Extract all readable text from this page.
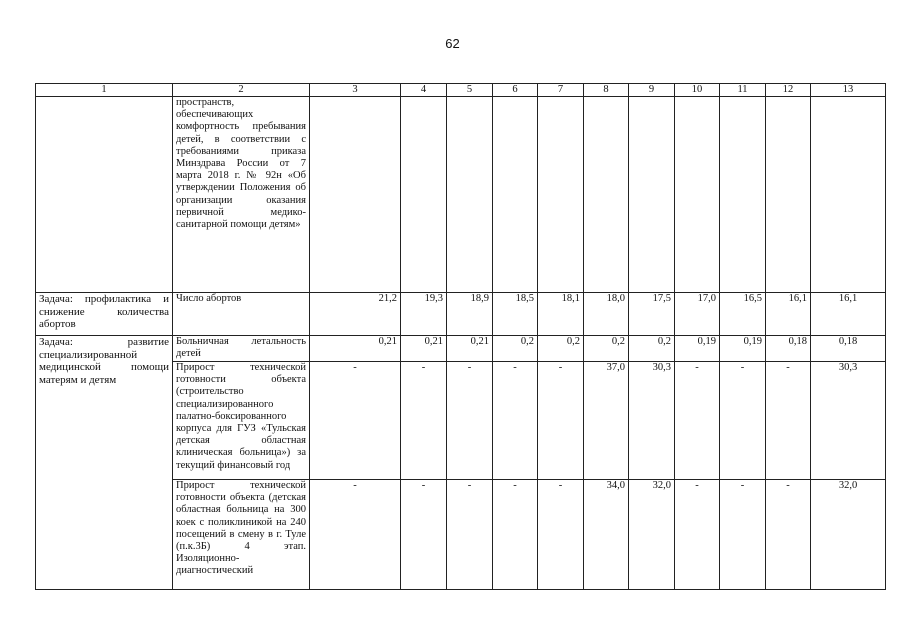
62
1	2	3	4	5	6	7	8	9	10	11	12	13
	пространств, обеспечивающих комфортность пребывания детей, в соответствии с требованиями приказа Минздрава России от 7 марта 2018 г. № 92н «Об утверждении Положения об организации оказания первичной медико-санитарной помощи детям»											
Задача: профилактика и снижение количества абортов	Число абортов	21,2	19,3	18,9	18,5	18,1	18,0	17,5	17,0	16,5	16,1	16,1
Задача: развитие специализированной медицинской помощи матерям и детям	Больничная летальность детей	0,21	0,21	0,21	0,2	0,2	0,2	0,2	0,19	0,19	0,18	0,18
	Прирост технической готовности объекта (строительство специализированного палатно-боксированного корпуса для ГУЗ «Тульская детская областная клиническая больница») за текущий финансовый год	-	-	-	-	-	37,0	30,3	-	-	-	30,3
	Прирост технической готовности объекта (детская областная больница на 300 коек с поликлиникой на 240 посещений в смену в г. Туле (п.к.3Б) 4 этап. Изоляционно-диагностический	-	-	-	-	-	34,0	32,0	-	-	-	32,0
